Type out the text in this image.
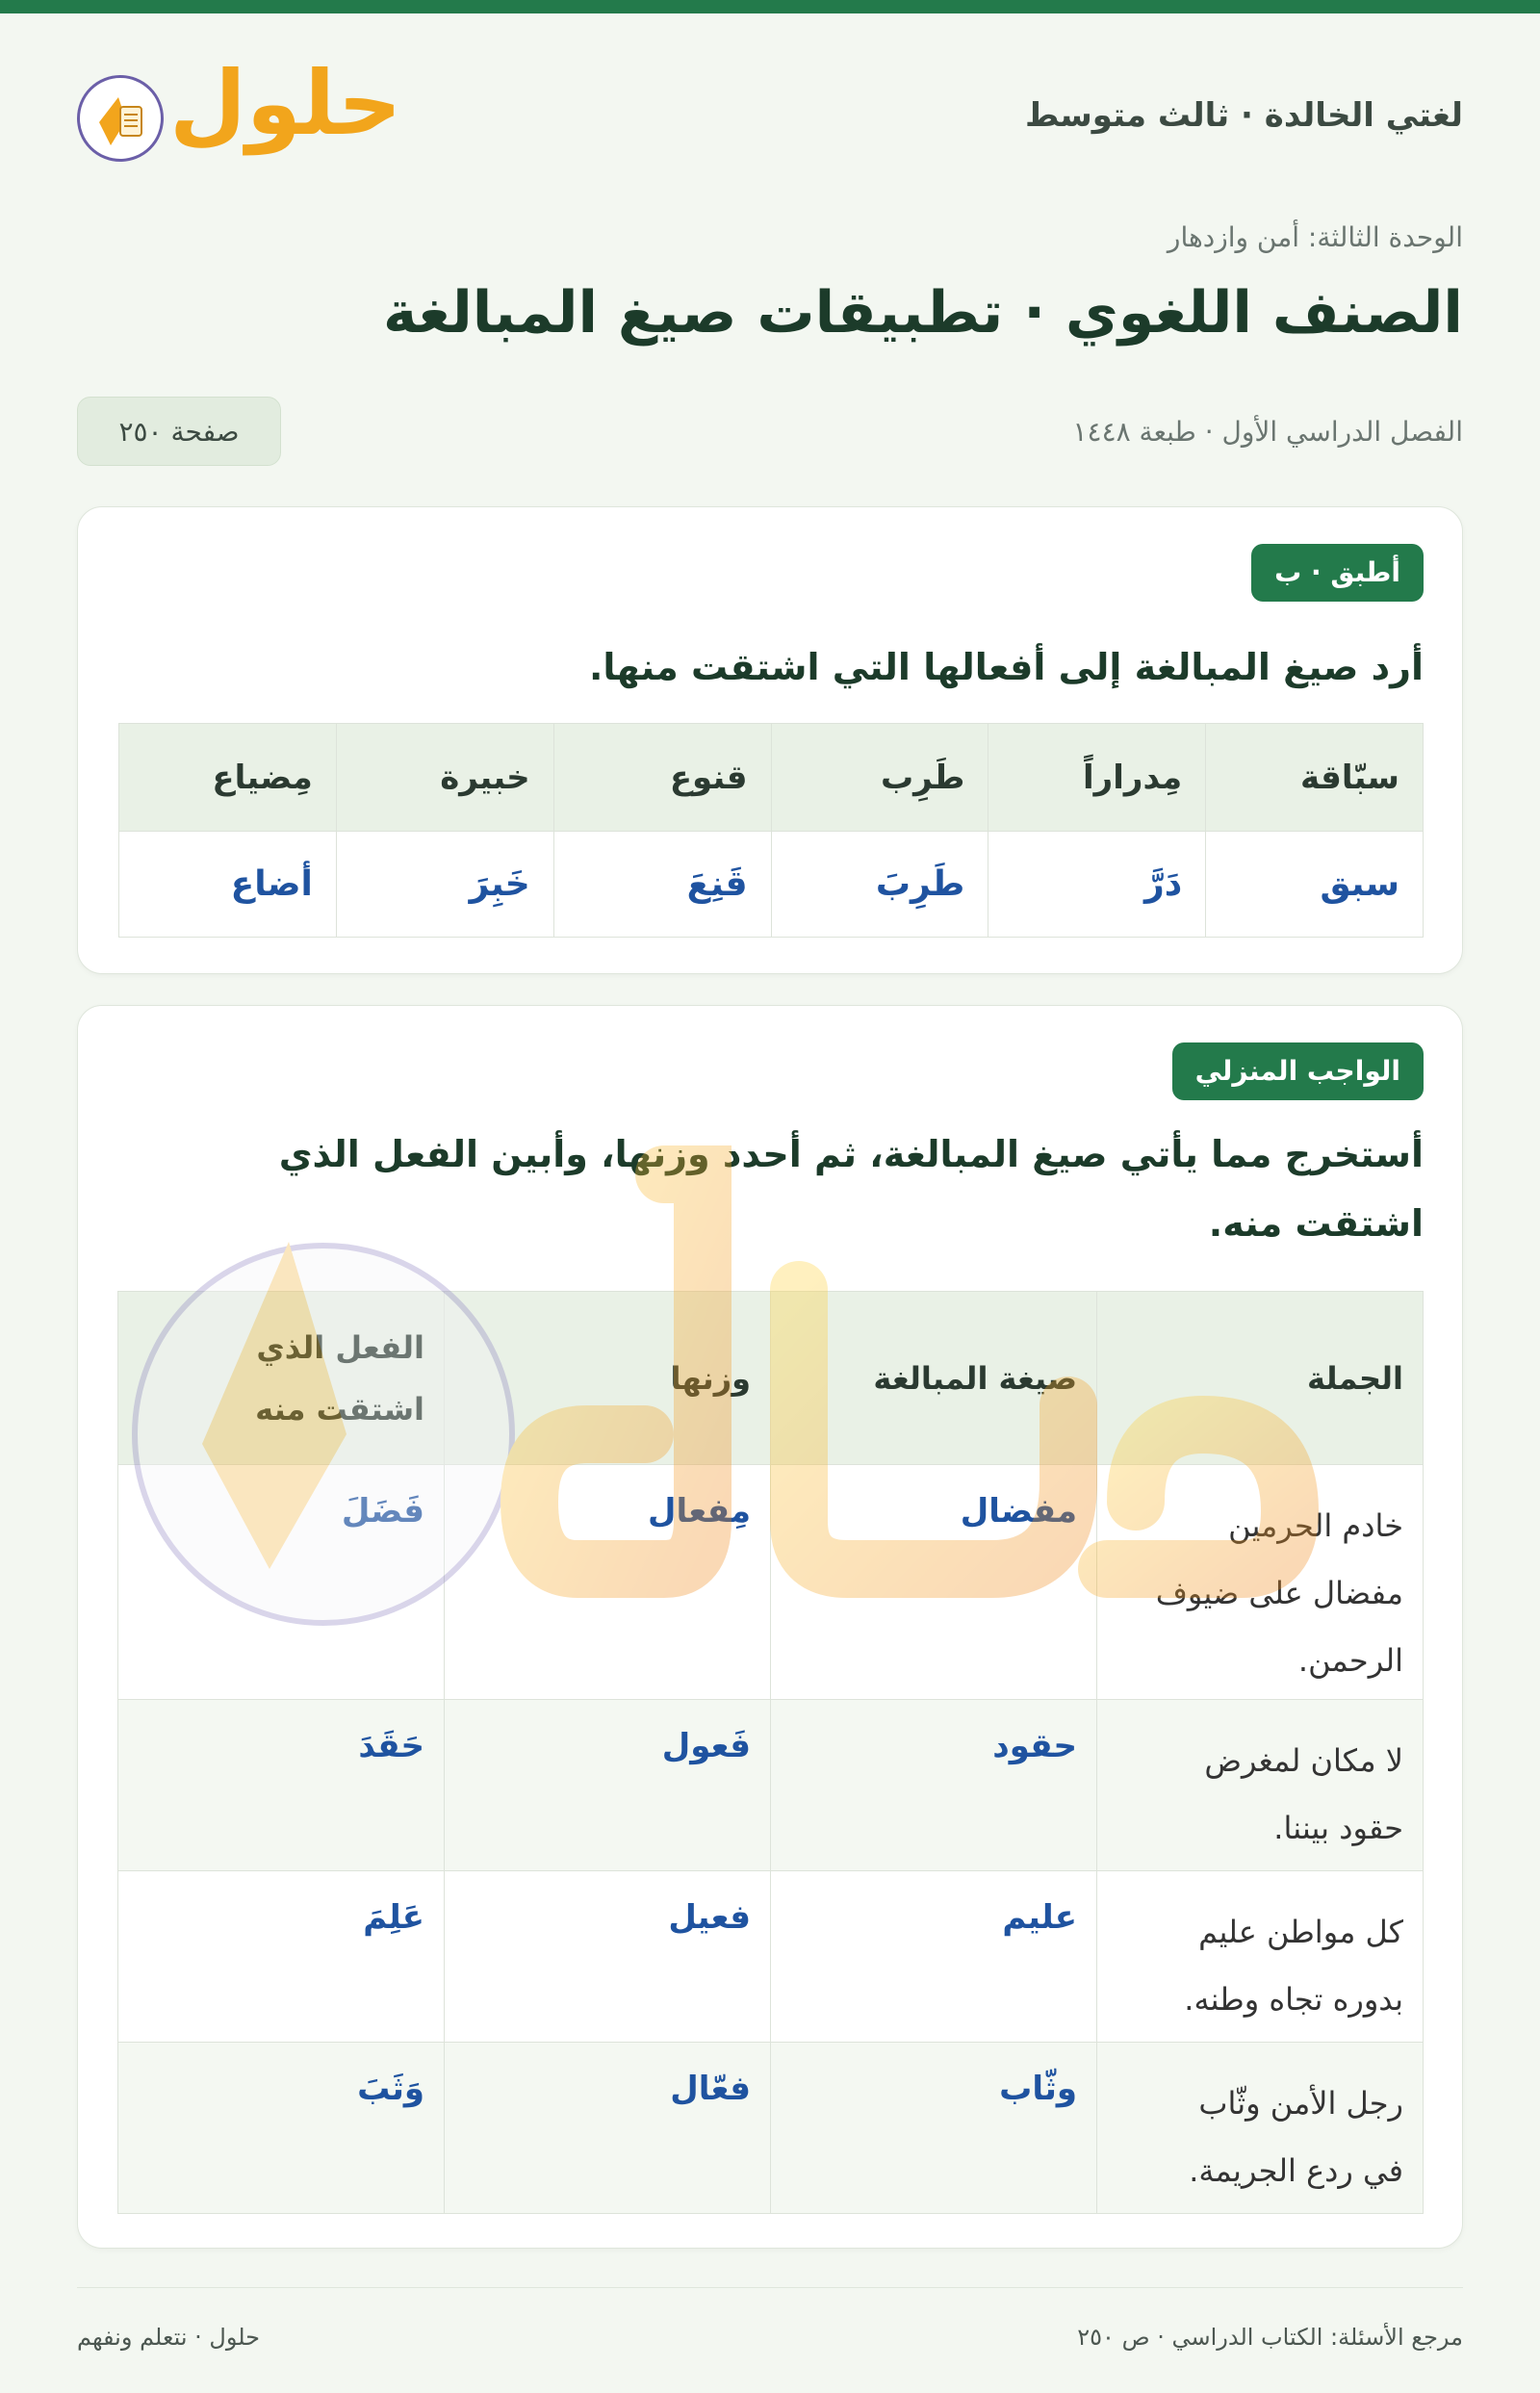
لغتي الخالدة · ثالث متوسط
حلول
الوحدة الثالثة: أمن وازدهار
الصنف اللغوي · تطبيقات صيغ المبالغة
الفصل الدراسي الأول · طبعة ١٤٤٨
صفحة ٢٥٠
أطبق · ب
أرد صيغ المبالغة إلى أفعالها التي اشتقت منها.
سبّاقة	مِدراراً	طَرِب	قنوع	خبيرة	مِضياع
سبق	دَرَّ	طَرِبَ	قَنِعَ	خَبِرَ	أضاع
الواجب المنزلي
أستخرج مما يأتي صيغ المبالغة، ثم أحدد وزنها، وأبين الفعل الذي
اشتقت منه.
الجملة	صيغة المبالغة	وزنها	الفعل الذي
اشتقت منه

خادم الحرمين
مفضال على ضيوف
الرحمن.	مفضال	مِفعال	فَضَلَ

لا مكان لمغرض
حقود بيننا.	حقود	فَعول	حَقَدَ

كل مواطن عليم
بدوره تجاه وطنه.	عليم	فعيل	عَلِمَ

رجل الأمن وثّاب
في ردع الجريمة.	وثّاب	فعّال	وَثَبَ
مرجع الأسئلة: الكتاب الدراسي · ص ٢٥٠
حلول · نتعلم ونفهم
